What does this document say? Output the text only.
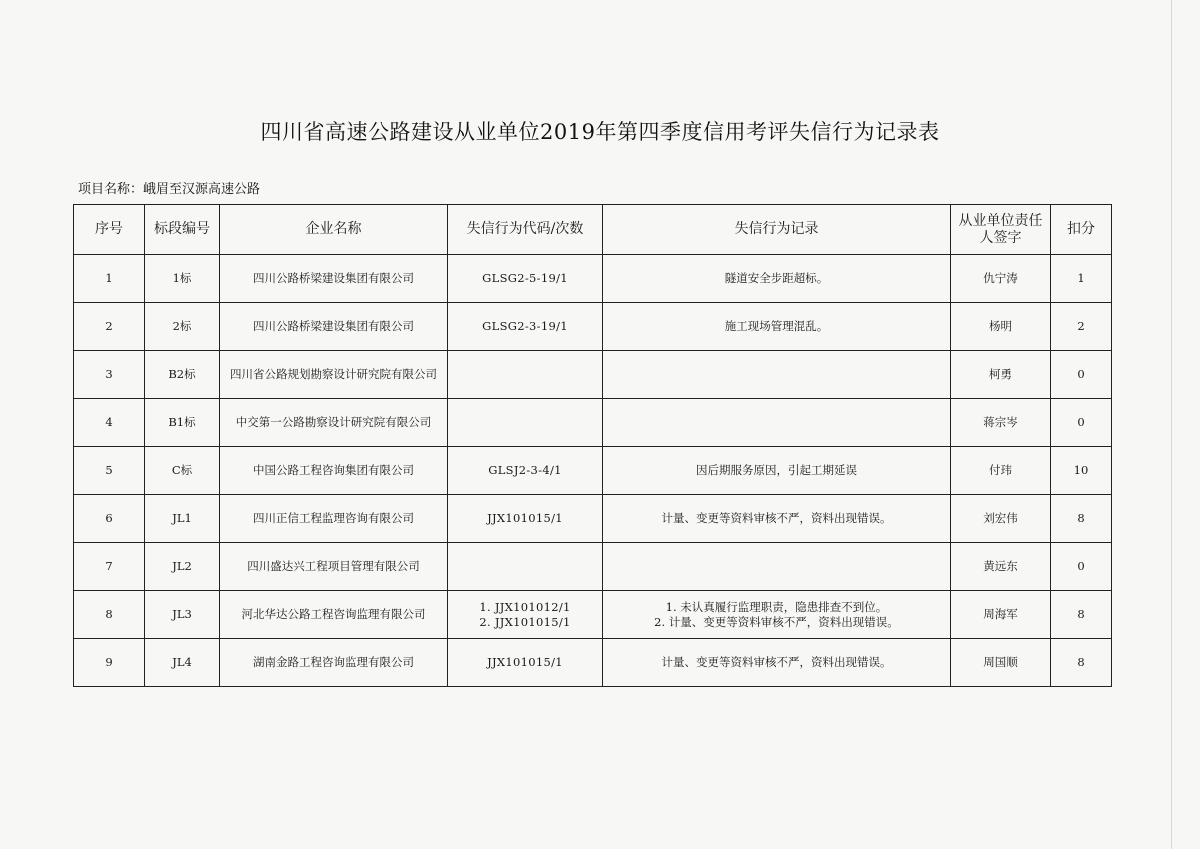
四川省高速公路建设从业单位2019年第四季度信用考评失信行为记录表
项目名称：峨眉至汉源高速公路
序号	标段编号	企业名称	失信行为代码/次数	失信行为记录	从业单位责任人签字	扣分
1	1标	四川公路桥梁建设集团有限公司	GLSG2-5-19/1	隧道安全步距超标。	仇宁涛	1
2	2标	四川公路桥梁建设集团有限公司	GLSG2-3-19/1	施工现场管理混乱。	杨明	2
3	B2标	四川省公路规划勘察设计研究院有限公司			柯勇	0
4	B1标	中交第一公路勘察设计研究院有限公司			蒋宗岑	0
5	C标	中国公路工程咨询集团有限公司	GLSJ2-3-4/1	因后期服务原因，引起工期延误	付玮	10
6	JL1	四川正信工程监理咨询有限公司	JJX101015/1	计量、变更等资料审核不严，资料出现错误。	刘宏伟	8
7	JL2	四川盛达兴工程项目管理有限公司			黄远东	0
8	JL3	河北华达公路工程咨询监理有限公司	1. JJX101012/1
2. JJX101015/1	1. 未认真履行监理职责，隐患排查不到位。
2. 计量、变更等资料审核不严，资料出现错误。	周海军	8
9	JL4	湖南金路工程咨询监理有限公司	JJX101015/1	计量、变更等资料审核不严，资料出现错误。	周国顺	8
